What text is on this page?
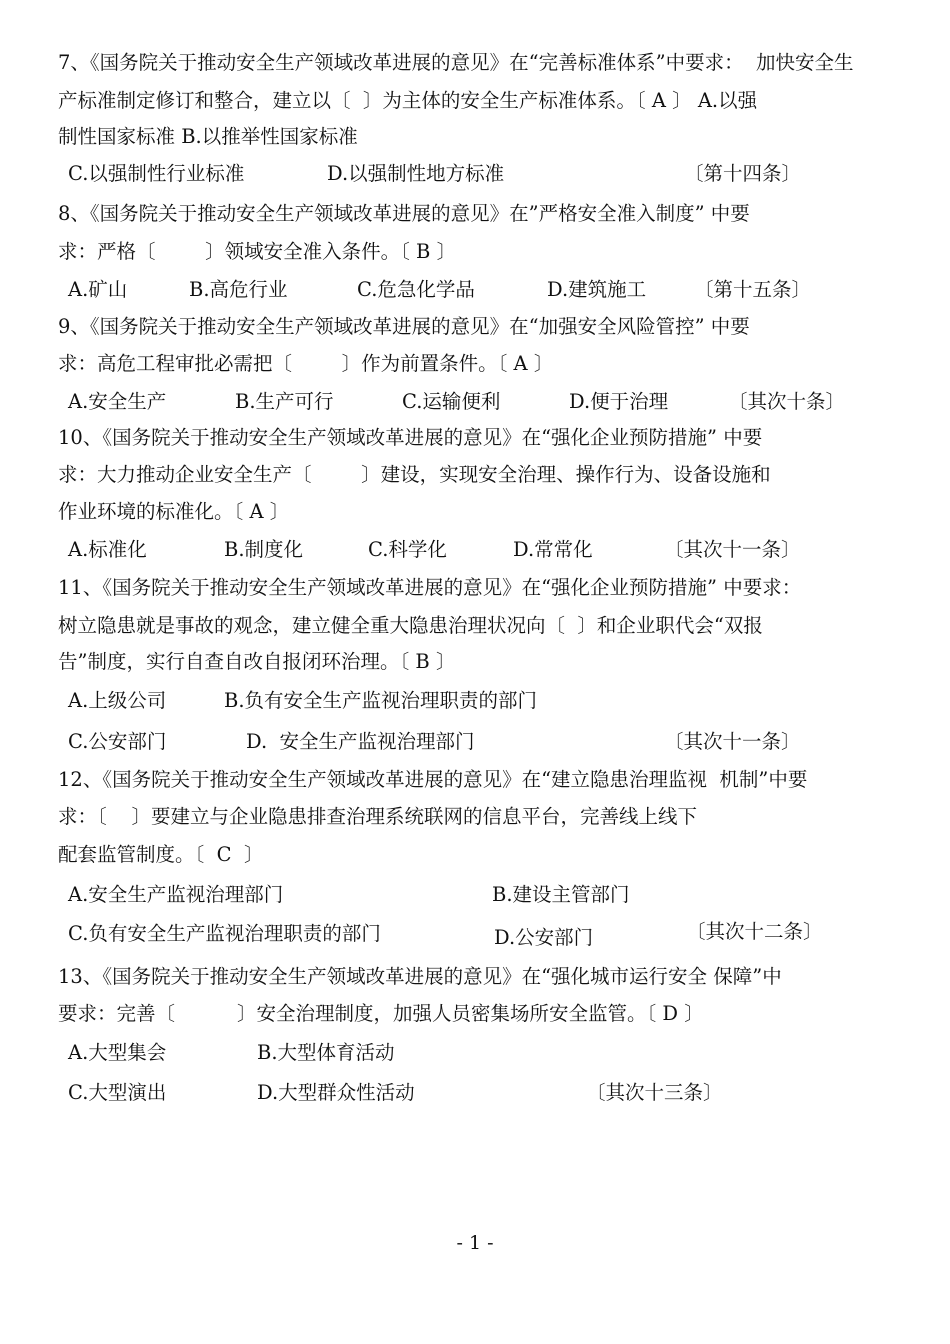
7、《国务院关于推动安全生产领域改革进展的意见》在“完善标准体系”中要求：  加快安全生
产标准制定修订和整合，建立以〔  〕为主体的安全生产标准体系。〔 A 〕 A.以强
制性国家标准 B.以推举性国家标准
C.以强制性行业标准	D.以强制性地方标准	〔第十四条〕
8、《国务院关于推动安全生产领域改革进展的意见》在”严格安全准入制度” 中要
求：严格〔        〕领域安全准入条件。〔 B 〕
A.矿山	B.高危行业	C.危急化学品	D.建筑施工 〔第十五条〕
9、《国务院关于推动安全生产领域改革进展的意见》在“加强安全风险管控” 中要
求：高危工程审批必需把〔        〕作为前置条件。〔 A 〕
A.安全生产	B.生产可行	C.运输便利	D.便于治理	〔其次十条〕
10、《国务院关于推动安全生产领域改革进展的意见》在“强化企业预防措施” 中要
求：大力推动企业安全生产〔        〕建设，实现安全治理、操作行为、设备设施和
作业环境的标准化。〔 A 〕
A.标准化	B.制度化	C.科学化	D.常常化	〔其次十一条〕
11、《国务院关于推动安全生产领域改革进展的意见》在“强化企业预防措施” 中要求：
树立隐患就是事故的观念，建立健全重大隐患治理状况向〔  〕和企业职代会“双报
告”制度，实行自查自改自报闭环治理。〔 B 〕
A.上级公司	B.负有安全生产监视治理职责的部门
C.公安部门	D.  安全生产监视治理部门	〔其次十一条〕
12、《国务院关于推动安全生产领域改革进展的意见》在“建立隐患治理监视  机制”中要
求：〔    〕要建立与企业隐患排查治理系统联网的信息平台，完善线上线下
配套监管制度。〔  C  〕
A.安全生产监视治理部门	B.建设主管部门
C.负有安全生产监视治理职责的部门	D.公安部门	〔其次十二条〕
13、《国务院关于推动安全生产领域改革进展的意见》在“强化城市运行安全 保障”中
要求：完善〔          〕安全治理制度，加强人员密集场所安全监管。〔 D 〕
A.大型集会	B.大型体育活动
C.大型演出	D.大型群众性活动	〔其次十三条〕
- 1 -
